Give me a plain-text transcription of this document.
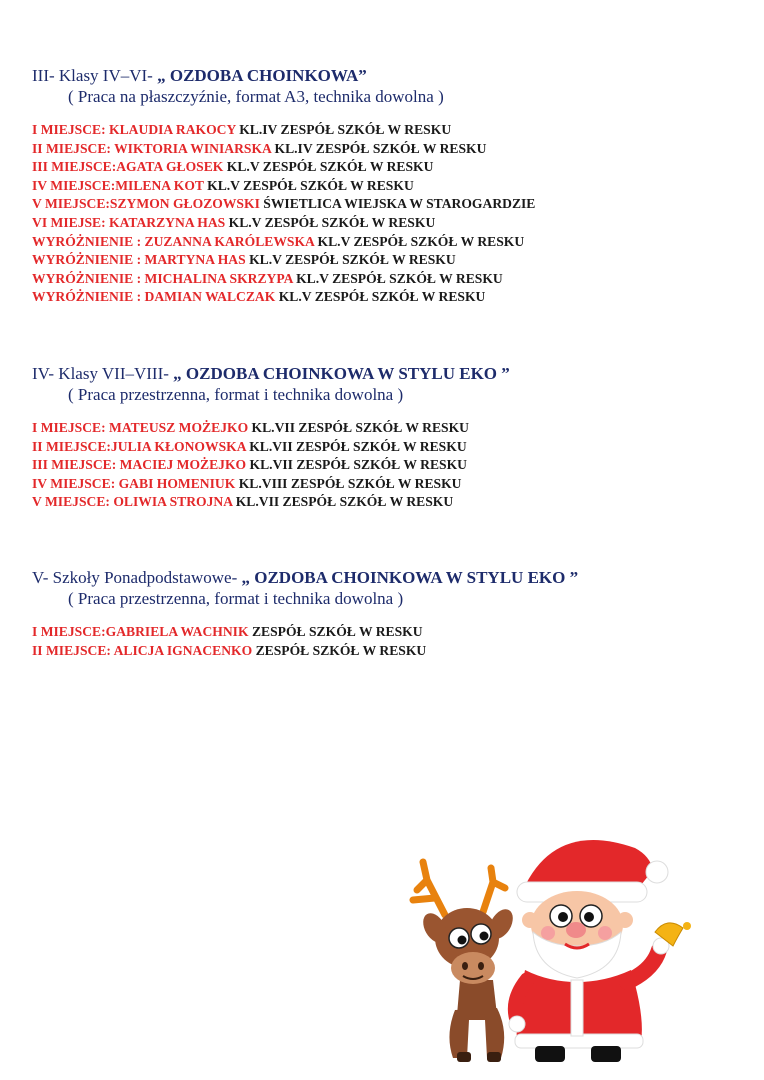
III- Klasy IV–VI- „ OZDOBA CHOINKOWA”
( Praca na płaszczyźnie, format A3, technika dowolna )
I MIEJSCE: KLAUDIA RAKOCY KL.IV ZESPÓŁ SZKÓŁ W RESKU
II MIEJSCE: WIKTORIA WINIARSKA KL.IV ZESPÓŁ SZKÓŁ W RESKU
III MIEJSCE:AGATA GŁOSEK KL.V ZESPÓŁ SZKÓŁ W RESKU
IV MIEJSCE:MILENA KOT KL.V ZESPÓŁ SZKÓŁ W RESKU
V MIEJSCE:SZYMON GŁOZOWSKI ŚWIETLICA WIEJSKA W STAROGARDZIE
VI MIEJSE: KATARZYNA HAS KL.V ZESPÓŁ SZKÓŁ W RESKU
WYRÓŻNIENIE : ZUZANNA KARÓLEWSKA KL.V ZESPÓŁ SZKÓŁ W RESKU
WYRÓŻNIENIE : MARTYNA HAS KL.V ZESPÓŁ SZKÓŁ W RESKU
WYRÓŻNIENIE : MICHALINA SKRZYPA KL.V ZESPÓŁ SZKÓŁ W RESKU
WYRÓŻNIENIE : DAMIAN WALCZAK KL.V ZESPÓŁ SZKÓŁ W RESKU
IV- Klasy VII–VIII- „ OZDOBA CHOINKOWA W STYLU EKO ”
( Praca przestrzenna, format i technika dowolna )
I MIEJSCE: MATEUSZ MOŻEJKO KL.VII ZESPÓŁ SZKÓŁ W RESKU
II MIEJSCE:JULIA KŁONOWSKA KL.VII ZESPÓŁ SZKÓŁ W RESKU
III MIEJSCE: MACIEJ MOŻEJKO KL.VII ZESPÓŁ SZKÓŁ W RESKU
IV MIEJSCE: GABI HOMENIUK KL.VIII ZESPÓŁ SZKÓŁ W RESKU
V MIEJSCE: OLIWIA STROJNA KL.VII ZESPÓŁ SZKÓŁ W RESKU
V- Szkoły Ponadpodstawowe- „ OZDOBA CHOINKOWA W STYLU EKO ”
( Praca przestrzenna, format i technika dowolna )
I MIEJSCE:GABRIELA WACHNIK ZESPÓŁ SZKÓŁ W RESKU
II MIEJSCE: ALICJA IGNACENKO ZESPÓŁ SZKÓŁ W RESKU
